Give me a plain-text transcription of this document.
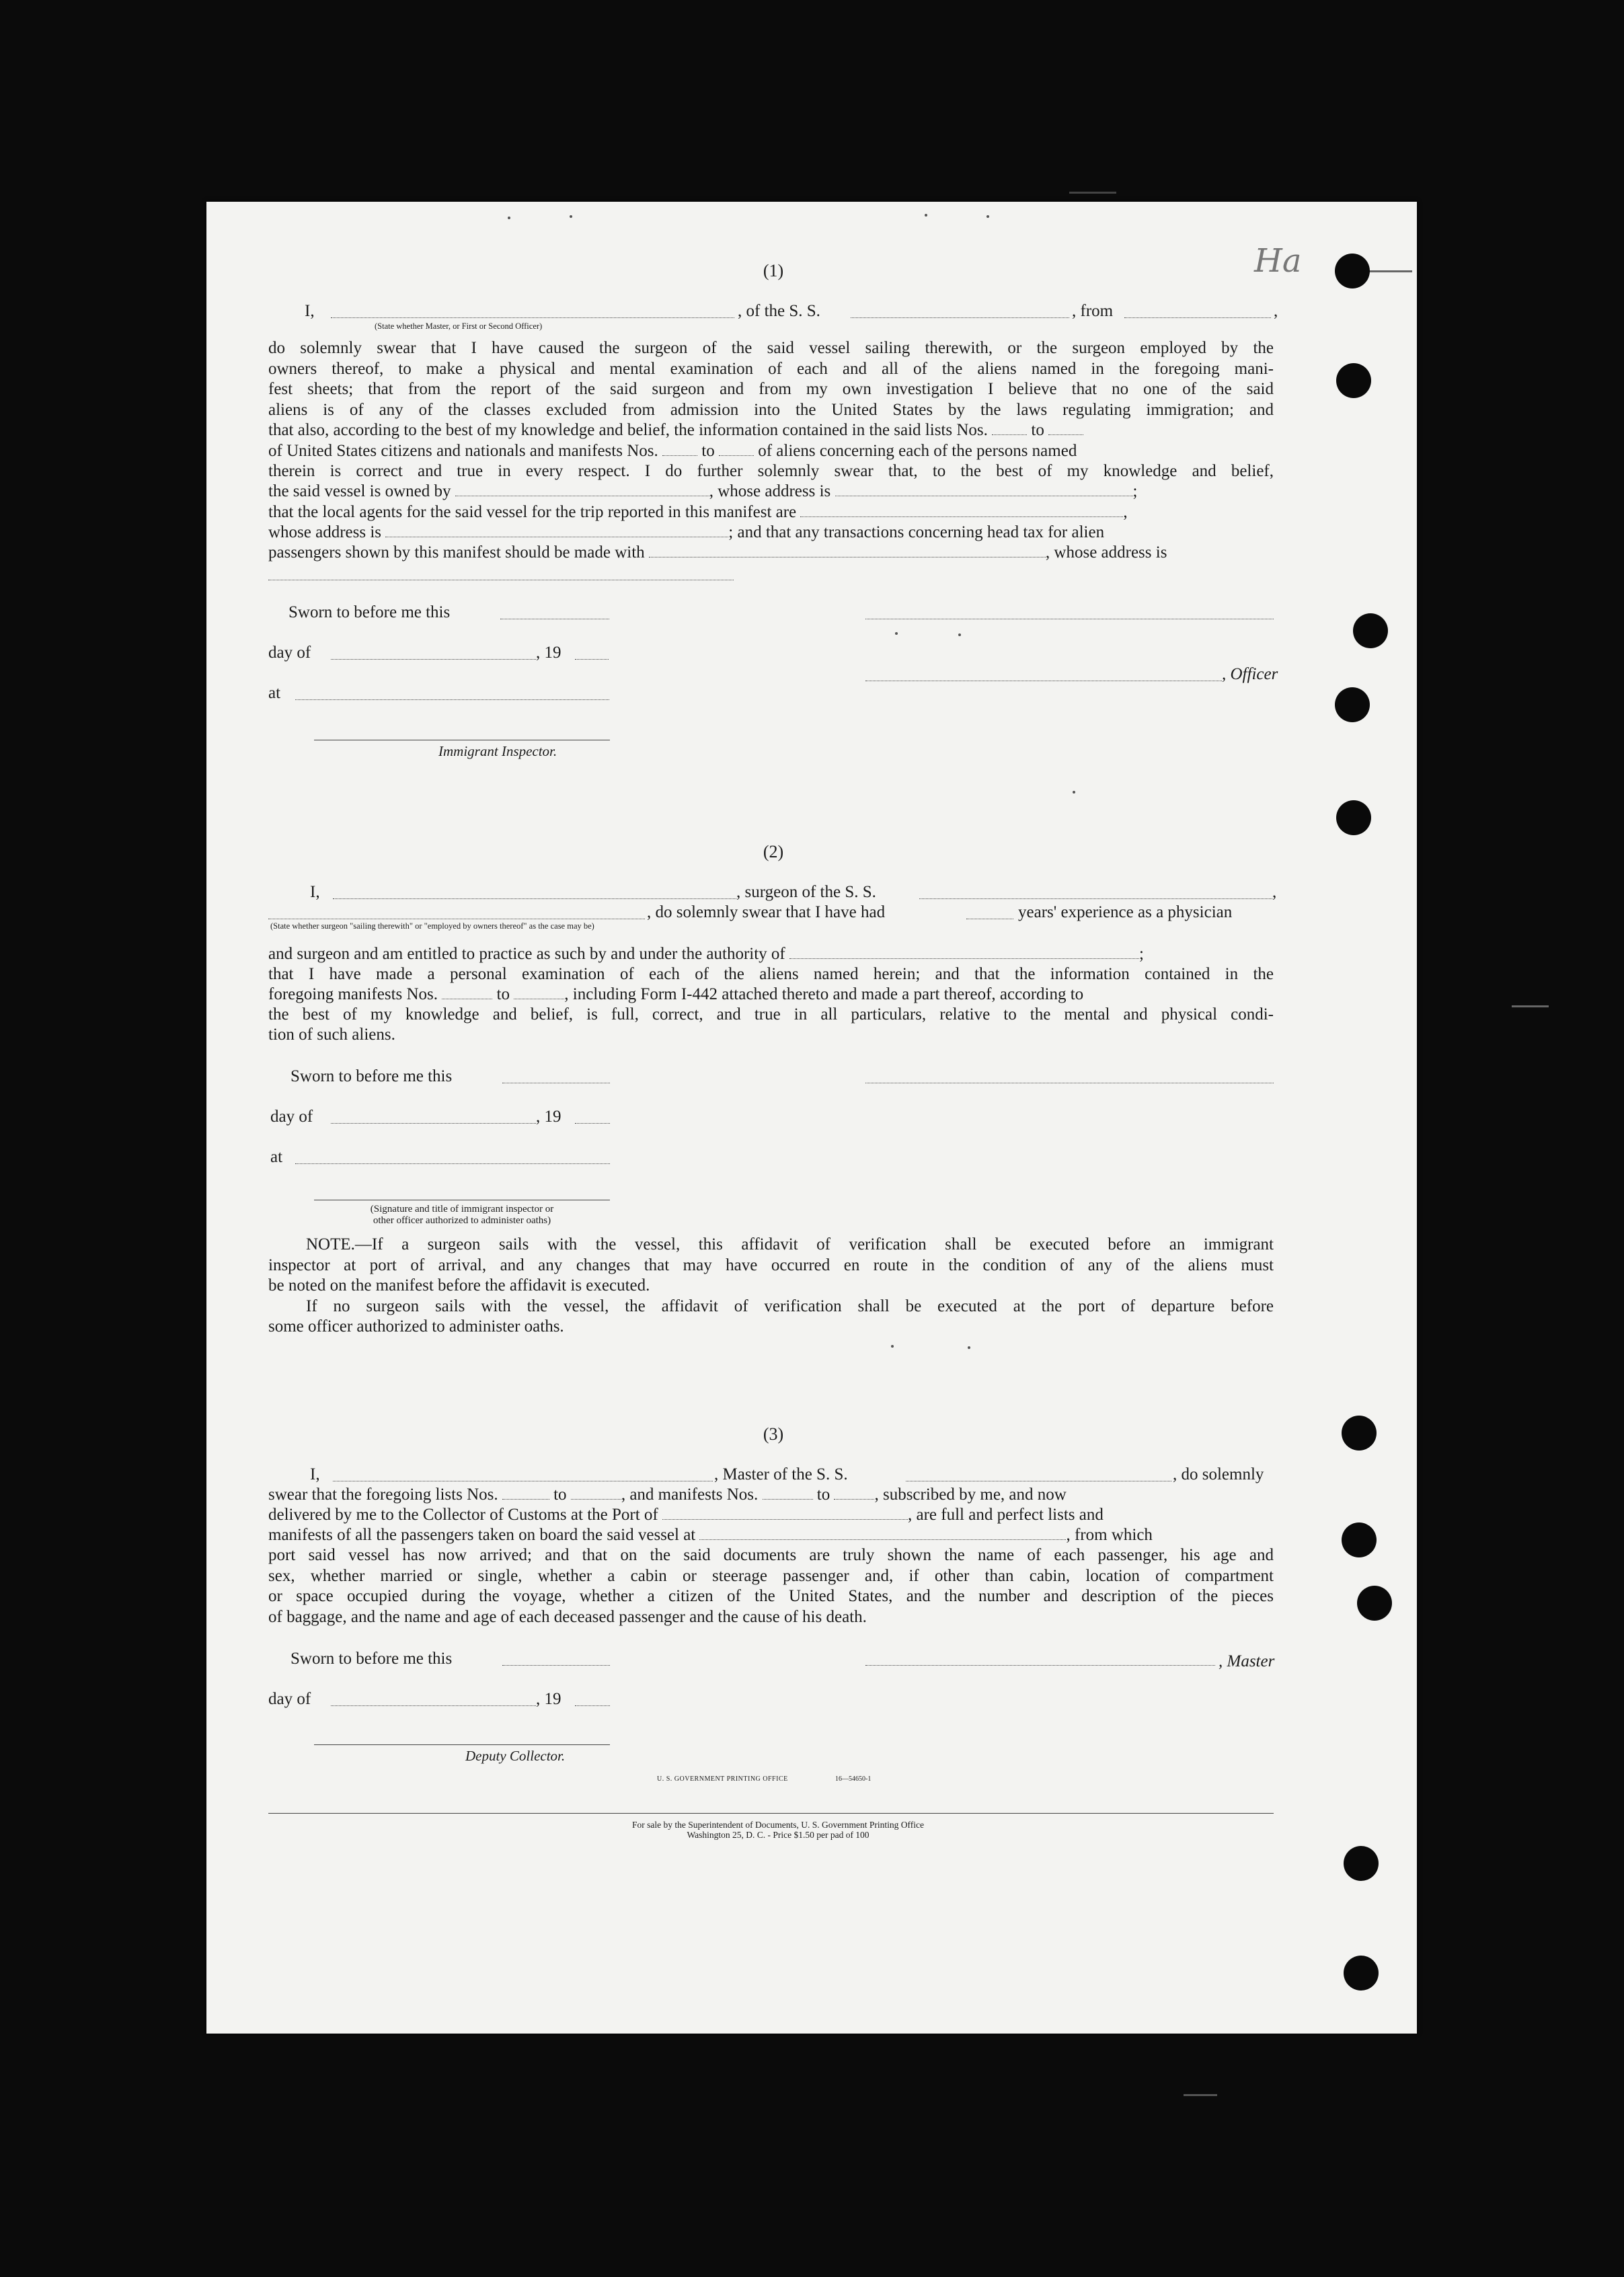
(1)
I,	, of the S. S.	, from	,
(State whether Master, or First or Second Officer)
do solemnly swear that I have caused the surgeon of the said vessel sailing therewith, or the surgeon employed by the
owners thereof, to make a physical and mental examination of each and all of the aliens named in the foregoing mani-
fest sheets; that from the report of the said surgeon and from my own investigation I believe that no one of the said
aliens is of any of the classes excluded from admission into the United States by the laws regulating immigration; and
that also, according to the best of my knowledge and belief, the information contained in the said lists Nos.	to
of United States citizens and nationals and manifests Nos.	to	of aliens concerning each of the persons named
therein is correct and true in every respect. I do further solemnly swear that, to the best of my knowledge and belief,
the said vessel is owned by	, whose address is	;
that the local agents for the said vessel for the trip reported in this manifest are	,
whose address is	; and that any transactions concerning head tax for alien
passengers shown by this manifest should be made with	, whose address is
Sworn to before me this
day of	, 19
, Officer
at
Immigrant Inspector.
(2)
I,	, surgeon of the S. S.	,
, do solemnly swear that I have had	years' experience as a physician
(State whether surgeon "sailing therewith" or "employed by owners thereof" as the case may be)
and surgeon and am entitled to practice as such by and under the authority of	;
that I have made a personal examination of each of the aliens named herein; and that the information contained in the
foregoing manifests Nos.	to	, including Form I-442 attached thereto and made a part thereof, according to
the best of my knowledge and belief, is full, correct, and true in all particulars, relative to the mental and physical condi-
tion of such aliens.
Sworn to before me this
day of	, 19
at
(Signature and title of immigrant inspector or
other officer authorized to administer oaths)
NOTE.—If a surgeon sails with the vessel, this affidavit of verification shall be executed before an immigrant
inspector at port of arrival, and any changes that may have occurred en route in the condition of any of the aliens must
be noted on the manifest before the affidavit is executed.
If no surgeon sails with the vessel, the affidavit of verification shall be executed at the port of departure before
some officer authorized to administer oaths.
(3)
I,	, Master of the S. S.	, do solemnly
swear that the foregoing lists Nos.	to	, and manifests Nos.	to	, subscribed by me, and now
delivered by me to the Collector of Customs at the Port of	, are full and perfect lists and
manifests of all the passengers taken on board the said vessel at	, from which
port said vessel has now arrived; and that on the said documents are truly shown the name of each passenger, his age and
sex, whether married or single, whether a cabin or steerage passenger and, if other than cabin, location of compartment
or space occupied during the voyage, whether a citizen of the United States, and the number and description of the pieces
of baggage, and the name and age of each deceased passenger and the cause of his death.
Sworn to before me this	, Master
day of	, 19
Deputy Collector.
U. S. GOVERNMENT PRINTING OFFICE	16—54650-1
For sale by the Superintendent of Documents, U. S. Government Printing Office
Washington 25, D. C. - Price $1.50 per pad of 100
Ha
